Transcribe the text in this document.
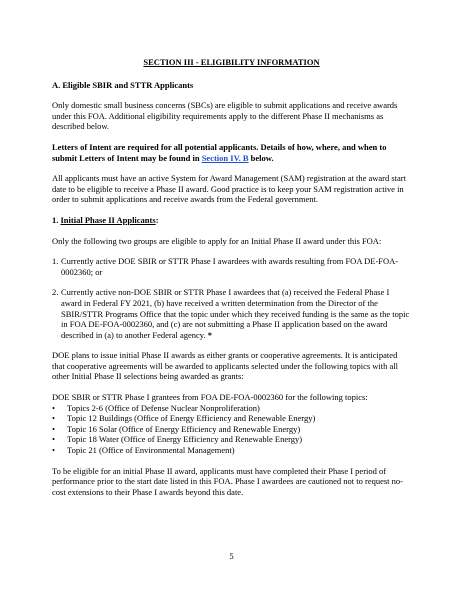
SECTION III - ELIGIBILITY INFORMATION

A. Eligible SBIR and STTR Applicants

Only domestic small business concerns (SBCs) are eligible to submit applications and receive awards under this FOA. Additional eligibility requirements apply to the different Phase II mechanisms as described below.

Letters of Intent are required for all potential applicants. Details of how, where, and when to submit Letters of Intent may be found in Section IV. B below.

All applicants must have an active System for Award Management (SAM) registration at the award start date to be eligible to receive a Phase II award. Good practice is to keep your SAM registration active in order to submit applications and receive awards from the Federal government.

1. Initial Phase II Applicants:

Only the following two groups are eligible to apply for an Initial Phase II award under this FOA:

1. Currently active DOE SBIR or STTR Phase I awardees with awards resulting from FOA DE-FOA-0002360; or
2. Currently active non-DOE SBIR or STTR Phase I awardees that (a) received the Federal Phase I award in Federal FY 2021, (b) have received a written determination from the Director of the SBIR/STTR Programs Office that the topic under which they received funding is the same as the topic in FOA DE-FOA-0002360, and (c) are not submitting a Phase II application based on the award described in (a) to another Federal agency. *

DOE plans to issue initial Phase II awards as either grants or cooperative agreements. It is anticipated that cooperative agreements will be awarded to applicants selected under the following topics with all other Initial Phase II selections being awarded as grants:

DOE SBIR or STTR Phase I grantees from FOA DE-FOA-0002360 for the following topics:

•	Topics 2-6 (Office of Defense Nuclear Nonproliferation)
•	Topic 12 Buildings (Office of Energy Efficiency and Renewable Energy)
•	Topic 16 Solar (Office of Energy Efficiency and Renewable Energy)
•	Topic 18 Water (Office of Energy Efficiency and Renewable Energy)
•	Topic 21 (Office of Environmental Management)

To be eligible for an initial Phase II award, applicants must have completed their Phase I period of performance prior to the start date listed in this FOA. Phase I awardees are cautioned not to request no-cost extensions to their Phase I awards beyond this date.

5
